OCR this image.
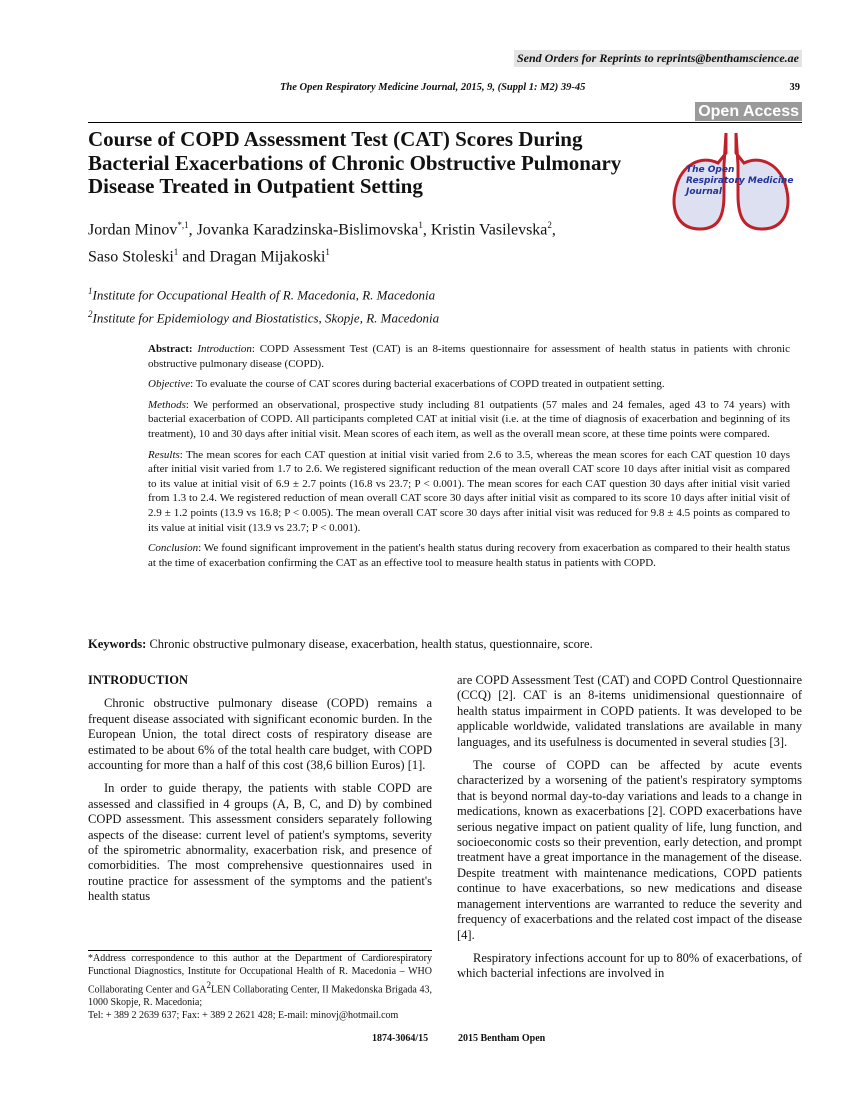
Send Orders for Reprints to reprints@benthamscience.ae
The Open Respiratory Medicine Journal, 2015, 9, (Suppl 1: M2) 39-45	39
Open Access
Course of COPD Assessment Test (CAT) Scores During Bacterial Exacerbations of Chronic Obstructive Pulmonary Disease Treated in Outpatient Setting
The Open
Respiratory Medicine
Journal
Jordan Minov$^{*,1}$, Jovanka Karadzinska-Bislimovska$^1$, Kristin Vasilevska$^2$,
Saso Stoleski$^1$ and Dragan Mijakoski$^1$
$^1$Institute for Occupational Health of R. Macedonia, R. Macedonia
$^2$Institute for Epidemiology and Biostatistics, Skopje, R. Macedonia

Abstract: Introduction: COPD Assessment Test (CAT) is an 8-items questionnaire for assessment of health status in patients with chronic obstructive pulmonary disease (COPD).

Objective: To evaluate the course of CAT scores during bacterial exacerbations of COPD treated in outpatient setting.

Methods: We performed an observational, prospective study including 81 outpatients (57 males and 24 females, aged 43 to 74 years) with bacterial exacerbation of COPD. All participants completed CAT at initial visit (i.e. at the time of diagnosis of exacerbation and beginning of its treatment), 10 and 30 days after initial visit. Mean scores of each item, as well as the overall mean score, at these time points were compared.

Results: The mean scores for each CAT question at initial visit varied from 2.6 to 3.5, whereas the mean scores for each CAT question 10 days after initial visit varied from 1.7 to 2.6. We registered significant reduction of the mean overall CAT score 10 days after initial visit as compared to its value at initial visit of 6.9 ± 2.7 points (16.8 vs 23.7; P < 0.001). The mean scores for each CAT question 30 days after initial visit varied from 1.3 to 2.4. We registered reduction of mean overall CAT score 30 days after initial visit as compared to its score 10 days after initial visit of 2.9 ± 1.2 points (13.9 vs 16.8; P < 0.005). The mean overall CAT score 30 days after initial visit was reduced for 9.8 ± 4.5 points as compared to its value at initial visit (13.9 vs 23.7; P < 0.001).

Conclusion: We found significant improvement in the patient's health status during recovery from exacerbation as compared to their health status at the time of exacerbation confirming the CAT as an effective tool to measure health status in patients with COPD.

Keywords: Chronic obstructive pulmonary disease, exacerbation, health status, questionnaire, score.
INTRODUCTION

Chronic obstructive pulmonary disease (COPD) remains a frequent disease associated with significant economic burden. In the European Union, the total direct costs of respiratory disease are estimated to be about 6% of the total health care budget, with COPD accounting for more than a half of this cost (38,6 billion Euros) [1].

In order to guide therapy, the patients with stable COPD are assessed and classified in 4 groups (A, B, C, and D) by combined COPD assessment. This assessment considers separately following aspects of the disease: current level of patient's symptoms, severity of the spirometric abnormality, exacerbation risk, and presence of comorbidities. The most comprehensive questionnaires used in routine practice for assessment of the symptoms and the patient's health status

are COPD Assessment Test (CAT) and COPD Control Questionnaire (CCQ) [2]. CAT is an 8-items unidimensional questionnaire of health status impairment in COPD patients. It was developed to be applicable worldwide, validated translations are available in many languages, and its usefulness is documented in several studies [3].

The course of COPD can be affected by acute events characterized by a worsening of the patient's respiratory symptoms that is beyond normal day-to-day variations and leads to a change in medications, known as exacerbations [2]. COPD exacerbations have serious negative impact on patient quality of life, lung function, and socioeconomic costs so their prevention, early detection, and prompt treatment have a great importance in the management of the disease. Despite treatment with maintenance medications, COPD patients continue to have exacerbations, so new medications and disease management interventions are warranted to reduce the severity and frequency of exacerbations and the related cost impact of the disease [4].

Respiratory infections account for up to 80% of exacerbations, of which bacterial infections are involved in

*Address correspondence to this author at the Department of Cardiorespiratory Functional Diagnostics, Institute for Occupational Health of R. Macedonia – WHO Collaborating Center and $GA^2LEN$ Collaborating Center, II Makedonska Brigada 43, 1000 Skopje, R. Macedonia;
Tel: + 389 2 2639 637; Fax: + 389 2 2621 428; E-mail: minovj@hotmail.com
1874-3064/15	2015 Bentham Open
